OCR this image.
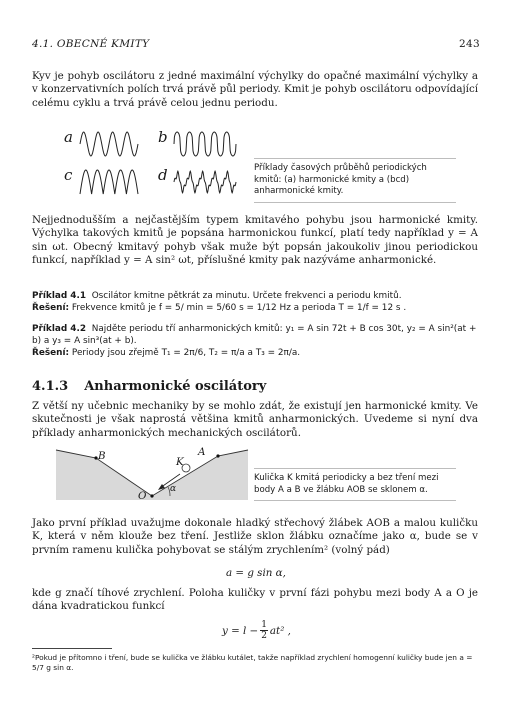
4.1. OBECNÉ KMITY	243
Kyv je pohyb oscilátoru z jedné maximální výchylky do opačné maximální výchylky a v konzervativních polích trvá právě půl periody. Kmit je pohyb oscilátoru odpovídající celému cyklu a trvá právě celou jednu periodu.
a	b
c	d	Příklady časových průběhů periodických kmitů: (a) harmonické kmity a (bcd) anharmonické kmity.
Nejjednodušším a nejčastějším typem kmitavého pohybu jsou harmonické kmity. Výchylka takových kmitů je popsána harmonickou funkcí, platí tedy například y = A sin ωt. Obecný kmitavý pohyb však muže být popsán jakoukoliv jinou periodickou funkcí, například y = A sin² ωt, příslušné kmity pak nazýváme anharmonické.
Příklad 4.1 Oscilátor kmitne pětkrát za minutu. Určete frekvenci a periodu kmitů.
Řešení: Frekvence kmitů je f = 5/ min = 5/60 s = 1/12 Hz a perioda T = 1/f = 12 s .
Příklad 4.2 Najděte periodu tří anharmonických kmitů: y₁ = A sin 72t + B cos 30t, y₂ = A sin²(at + b) a y₃ = A sin³(at + b).
Řešení: Periody jsou zřejmě T₁ = 2π/6, T₂ = π/a a T₃ = 2π/a.
4.1.3 Anharmonické oscilátory
Z větší ny učebnic mechaniky by se mohlo zdát, že existují jen harmonické kmity. Ve skutečnosti je však naprostá většina kmitů anharmonických. Uvedeme si nyní dva příklady anharmonických mechanických oscilátorů.
B	A
K
O
α
Kulička K kmitá periodicky a bez tření mezi body A a B ve žlábku AOB se sklonem α.
Jako první příklad uvažujme dokonale hladký střechový žlábek AOB a malou kuličku K, která v něm klouže bez tření. Jestliže sklon žlábku označíme jako α, bude se v prvním ramenu kulička pohybovat se stálým zrychlením² (volný pád)
a = g sin α,
kde g značí tíhové zrychlení. Poloha kuličky v první fázi pohybu mezi body A a O je dána kvadratickou funkcí
$y = l - \frac{1}{2} at^2$ ,
²Pokud je přítomno i tření, bude se kulička ve žlábku kutálet, takže například zrychlení homogenní kuličky bude jen a = 5/7 g sin α.
